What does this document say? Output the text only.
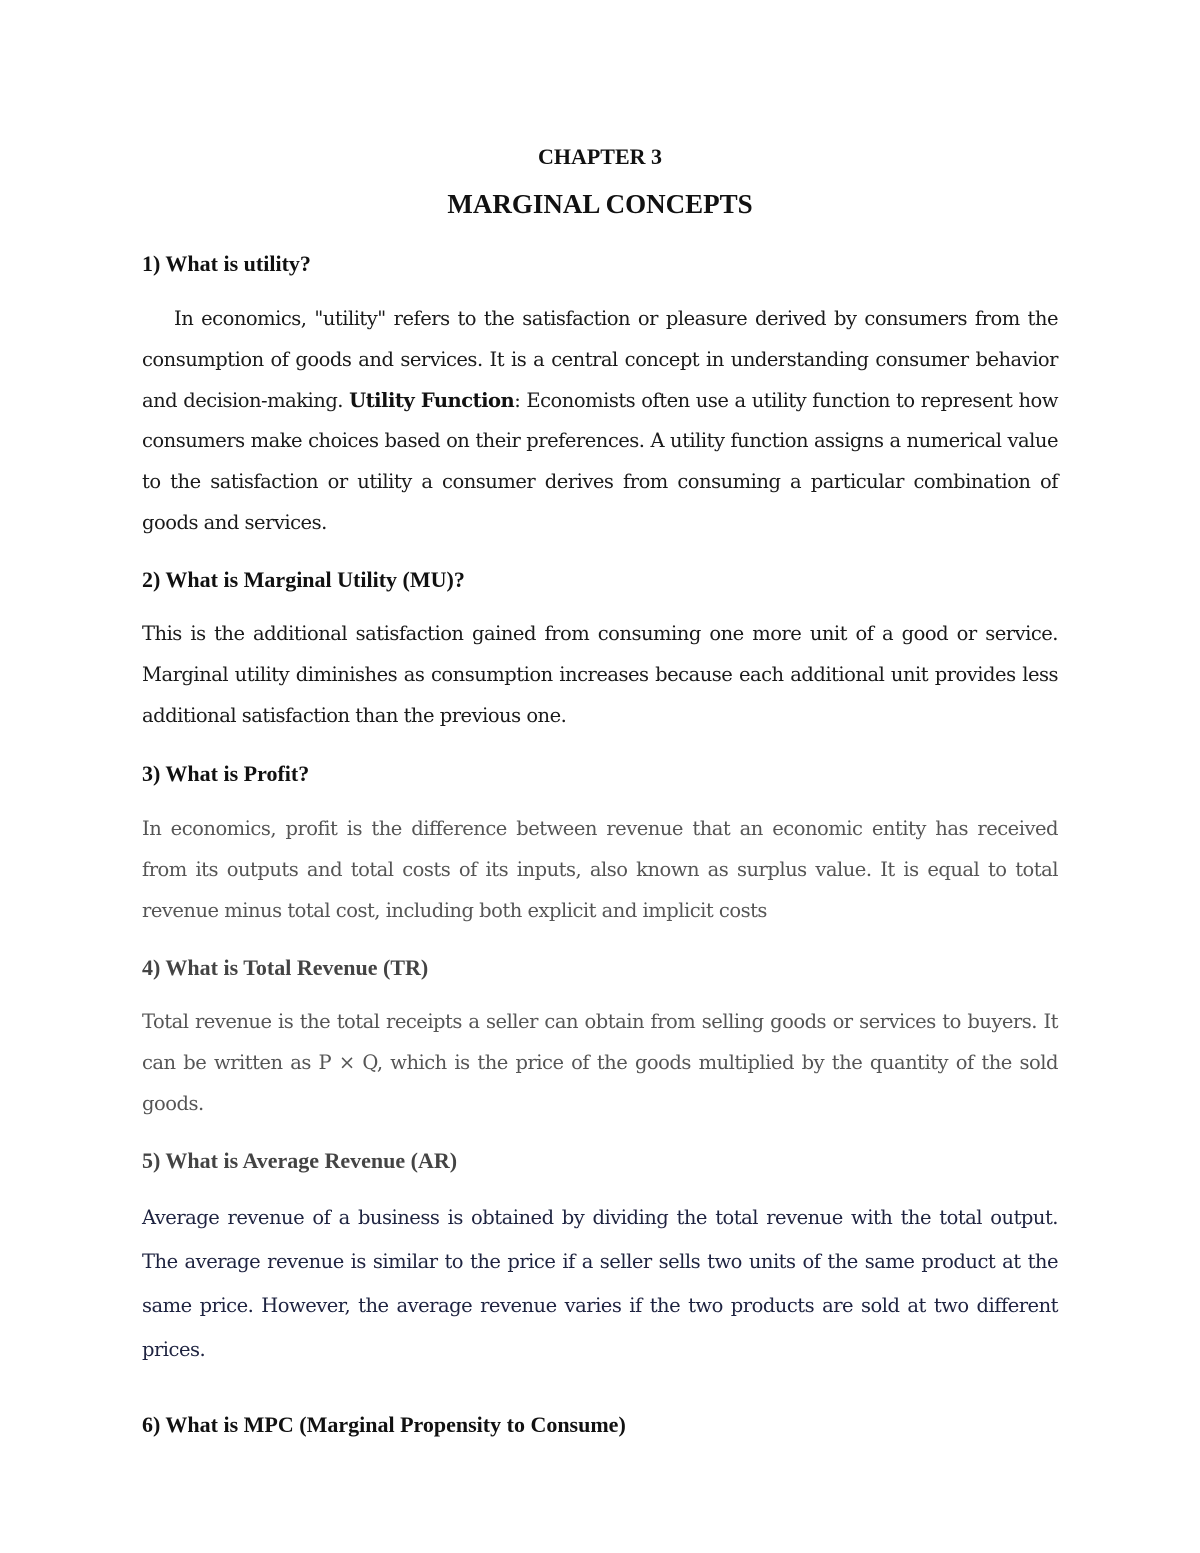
CHAPTER 3
MARGINAL CONCEPTS
1) What is utility?
In economics, "utility" refers to the satisfaction or pleasure derived by consumers from the consumption of goods and services. It is a central concept in understanding consumer behavior and decision-making. Utility Function: Economists often use a utility function to represent how consumers make choices based on their preferences. A utility function assigns a numerical value to the satisfaction or utility a consumer derives from consuming a particular combination of goods and services.
2) What is Marginal Utility (MU)?
This is the additional satisfaction gained from consuming one more unit of a good or service. Marginal utility diminishes as consumption increases because each additional unit provides less additional satisfaction than the previous one.
3) What is Profit?
In economics, profit is the difference between revenue that an economic entity has received from its outputs and total costs of its inputs, also known as surplus value. It is equal to total revenue minus total cost, including both explicit and implicit costs
4) What is Total Revenue (TR)
Total revenue is the total receipts a seller can obtain from selling goods or services to buyers. It can be written as P × Q, which is the price of the goods multiplied by the quantity of the sold goods.
5) What is Average Revenue (AR)
Average revenue of a business is obtained by dividing the total revenue with the total output. The average revenue is similar to the price if a seller sells two units of the same product at the same price. However, the average revenue varies if the two products are sold at two different prices.
6) What is MPC (Marginal Propensity to Consume)
